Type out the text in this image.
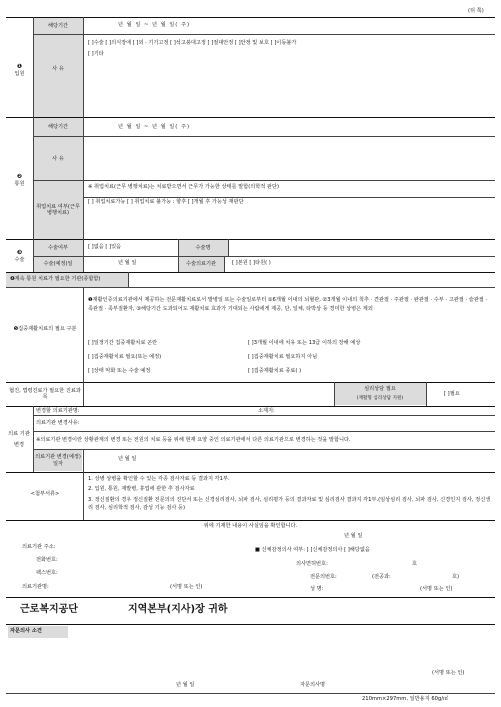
(뒤 쪽)
❶
입원
해당기간	년 월 일 ~ 년 월 일( 주)
사 유
[ ]수술 [ ]의식장애 [ ]외 · 기기고정 [ ]석고붕대고정 [ ]절대안정 [ ]안정 및 보호 [ ]이동불가
[ ]기타
❷
통원
해당기간	년 월 일 ~ 년 월 일( 주)
사 유
취업치료 여부(근무 병행치료)
※ 취업치료(근무 병행치료)는 치료받으면서 근무가 가능한 상태를 말함(의학적 판단)
[ ] 취업치료가능 [ ] 취업치료 불가능 : 향후 [ ]개월 후 가능성 재판단
❸
수술
수술여부	[ ]없음 [ ]있음	수술명
수술(예정)일	년 월 일	수술의료기관	[ ]본원 [ ]타원( )
❹계속 통원 치료가 필요한 기관(종합함)
❺집중재활치료의 필요 구분
❶재활인증의료기관에서 제공하는 전문재활치료로서 발병일 또는 수술일로부터 ①6개월 이내의 뇌혈관, ②3개월 이내의 척추 · 견관절 · 주관절 · 완관절 · 수부 · 고관절 · 슬관절 · 족관절 · 족부질환자, ③해당기간 도과되어도 재활치료 효과가 기대되는 사람에게 제공, 단, 일체, 타박상 등 경미한 상병은 제외
[ ]일정기간 집중재활치료 곤란	[ ]3개월 이내에 치유 또는 13급 이하의 장해 예상
[ ]집중재활치료 필요(또는 예정)	[ ]집중재활치료 필요하지 아님
[ ]상태 악화 또는 수술 예정	[ ]집중재활치료 종료( )
협진, 법령진료가 필요한 진료과목
심리상담 필요
(재활형 심리상담 지원)
[ ]필요
의료 기관 변경
변경할 의료기관명:	소재지:
의료기관 변경사유:
※의료기관 변경이란 상황관계의 변경 또는 전원의 치료 등을 위해 현재 요양 중인 의료기관에서 다른 의료기관으로 변경하는 것을 말합니다.
의료기관 변경(예정)일자
년 월 일
<첨부서류>
1. 상병 상병을 확인할 수 있는 각종 검사자료 등 결과지 각1부.
2. 입원, 통원, 재발병, 휴업에 관한 추 검사자료
3. 정신질환의 경우 정신질환 전문의의 진단서 또는 신경심리검사, 뇌파 검사, 심리평가 등의 결과자료 및 심리검사 결과지 각1부.(임상심리 검사, 뇌파 검사, 신경인지 검사, 정신생리 검사, 심리학적 검사, 감성 기능 검사 등)
위에 기재한 내용이 사실임을 확인합니다.
년 월 일
의료기관 주소:
전화번호:
팩스번호:
의료기관명:	(서명 또는 인)
■ 신체감정의사 여부: [ ]신체감정의사 [ ]해당없음
의사면허번호:	호
전문의번호:	(전공과:	호)
성 명:	(서명 또는 인)
근로복지공단	지역본부(지사)장 귀하
자문의사 소견
(서명 또는 인)
년 월 일	자문의사명
210mm×297mm, 일반용지 60g/㎡
